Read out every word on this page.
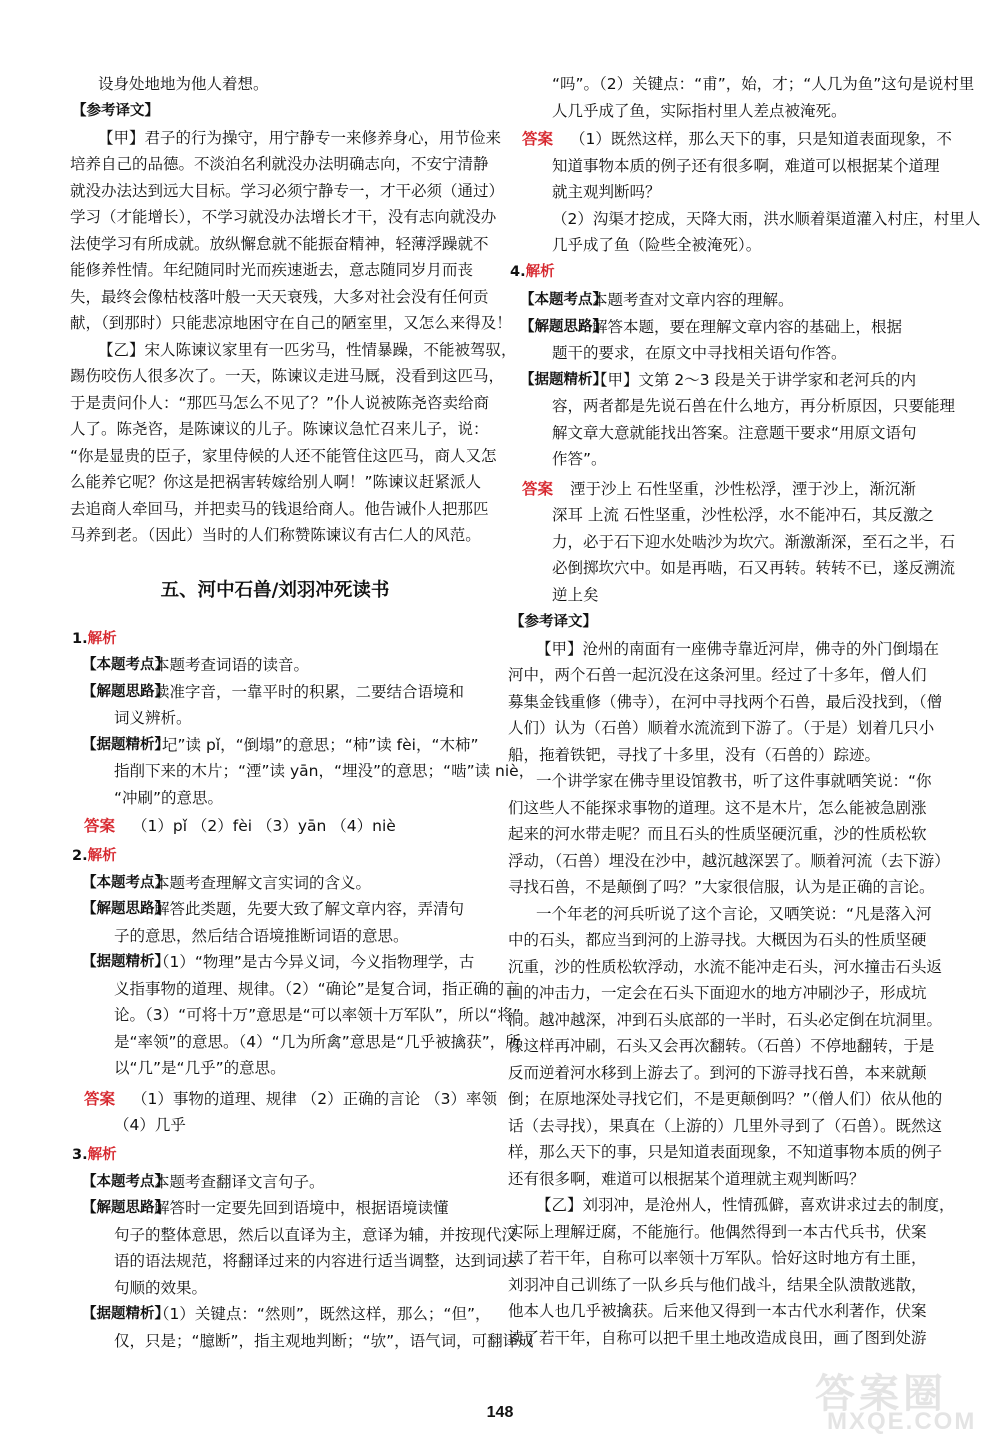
设身处地地为他人着想。
【参考译文】
【甲】君子的行为操守，用宁静专一来修养身心，用节俭来
培养自己的品德。不淡泊名利就没办法明确志向，不安宁清静
就没办法达到远大目标。学习必须宁静专一，才干必须（通过）
学习（才能增长），不学习就没办法增长才干，没有志向就没办
法使学习有所成就。放纵懈怠就不能振奋精神，轻薄浮躁就不
能修养性情。年纪随同时光而疾速逝去，意志随同岁月而丧
失，最终会像枯枝落叶般一天天衰残，大多对社会没有任何贡
献，（到那时）只能悲凉地困守在自己的陋室里，又怎么来得及！
【乙】宋人陈谏议家里有一匹劣马，性情暴躁，不能被驾驭，
踢伤咬伤人很多次了。一天，陈谏议走进马厩，没看到这匹马，
于是责问仆人：“那匹马怎么不见了？”仆人说被陈尧咨卖给商
人了。陈尧咨，是陈谏议的儿子。陈谏议急忙召来儿子，说：
“你是显贵的臣子，家里侍候的人还不能管住这匹马，商人又怎
么能养它呢？你这是把祸害转嫁给别人啊！”陈谏议赶紧派人
去追商人牵回马，并把卖马的钱退给商人。他告诫仆人把那匹
马养到老。（因此）当时的人们称赞陈谏议有古仁人的风范。
五、河中石兽/刘羽冲死读书
1.解析
【本题考点】
本题考查词语的读音。
【解题思路】
读准字音，一靠平时的积累，二要结合语境和
词义辨析。
【据题精析】
“圮”读 pǐ，“倒塌”的意思；“柿”读 fèi，“木柿”
指削下来的木片；“湮”读 yān，“埋没”的意思；“啮”读 niè，
“冲刷”的意思。
答案 （1）pǐ （2）fèi （3）yān （4）niè
2.解析
【本题考点】
本题考查理解文言实词的含义。
【解题思路】
解答此类题，先要大致了解文章内容，弄清句
子的意思，然后结合语境推断词语的意思。
【据题精析】
（1）“物理”是古今异义词，今义指物理学，古
义指事物的道理、规律。（2）“确论”是复合词，指正确的言
论。（3）“可将十万”意思是“可以率领十万军队”，所以“将”
是“率领”的意思。（4）“几为所禽”意思是“几乎被擒获”，所
以“几”是“几乎”的意思。
答案 （1）事物的道理、规律 （2）正确的言论 （3）率领
（4）几乎
3.解析
【本题考点】
本题考查翻译文言句子。
【解题思路】
解答时一定要先回到语境中，根据语境读懂
句子的整体意思，然后以直译为主，意译为辅，并按现代汉
语的语法规范，将翻译过来的内容进行适当调整，达到词达
句顺的效果。
【据题精析】
（1）关键点：“然则”，既然这样，那么；“但”，
仅，只是；“臆断”，指主观地判断；“欤”，语气词，可翻译成
“吗”。（2）关键点：“甫”，始，才；“人几为鱼”这句是说村里
人几乎成了鱼，实际指村里人差点被淹死。
答案 （1）既然这样，那么天下的事，只是知道表面现象，不
知道事物本质的例子还有很多啊，难道可以根据某个道理
就主观判断吗？
（2）沟渠才挖成，天降大雨，洪水顺着渠道灌入村庄，村里人
几乎成了鱼（险些全被淹死）。
4.解析
【本题考点】
本题考查对文章内容的理解。
【解题思路】
解答本题，要在理解文章内容的基础上，根据
题干的要求，在原文中寻找相关语句作答。
【据题精析】
【甲】文第 2～3 段是关于讲学家和老河兵的内
容，两者都是先说石兽在什么地方，再分析原因，只要能理
解文章大意就能找出答案。注意题干要求“用原文语句
作答”。
答案 湮于沙上 石性坚重，沙性松浮，湮于沙上，渐沉渐
深耳 上流 石性坚重，沙性松浮，水不能冲石，其反激之
力，必于石下迎水处啮沙为坎穴。渐激渐深，至石之半，石
必倒掷坎穴中。如是再啮，石又再转。转转不已，遂反溯流
逆上矣
【参考译文】
【甲】沧州的南面有一座佛寺靠近河岸，佛寺的外门倒塌在
河中，两个石兽一起沉没在这条河里。经过了十多年，僧人们
募集金钱重修（佛寺），在河中寻找两个石兽，最后没找到，（僧
人们）认为（石兽）顺着水流流到下游了。（于是）划着几只小
船，拖着铁钯，寻找了十多里，没有（石兽的）踪迹。
一个讲学家在佛寺里设馆教书，听了这件事就哂笑说：“你
们这些人不能探求事物的道理。这不是木片，怎么能被急剧涨
起来的河水带走呢？而且石头的性质坚硬沉重，沙的性质松软
浮动，（石兽）埋没在沙中，越沉越深罢了。顺着河流（去下游）
寻找石兽，不是颠倒了吗？”大家很信服，认为是正确的言论。
一个年老的河兵听说了这个言论，又哂笑说：“凡是落入河
中的石头，都应当到河的上游寻找。大概因为石头的性质坚硬
沉重，沙的性质松软浮动，水流不能冲走石头，河水撞击石头返
回的冲击力，一定会在石头下面迎水的地方冲刷沙子，形成坑
洞。越冲越深，冲到石头底部的一半时，石头必定倒在坑洞里。
像这样再冲刷，石头又会再次翻转。（石兽）不停地翻转，于是
反而逆着河水移到上游去了。到河的下游寻找石兽，本来就颠
倒；在原地深处寻找它们，不是更颠倒吗？”（僧人们）依从他的
话（去寻找），果真在（上游的）几里外寻到了（石兽）。既然这
样，那么天下的事，只是知道表面现象，不知道事物本质的例子
还有很多啊，难道可以根据某个道理就主观判断吗？
【乙】刘羽冲，是沧州人，性情孤僻，喜欢讲求过去的制度，
实际上理解迂腐，不能施行。他偶然得到一本古代兵书，伏案
读了若干年，自称可以率领十万军队。恰好这时地方有土匪，
刘羽冲自己训练了一队乡兵与他们战斗，结果全队溃散逃散，
他本人也几乎被擒获。后来他又得到一本古代水利著作，伏案
读了若干年，自称可以把千里土地改造成良田，画了图到处游
148	答案圈
MXQE.COM
